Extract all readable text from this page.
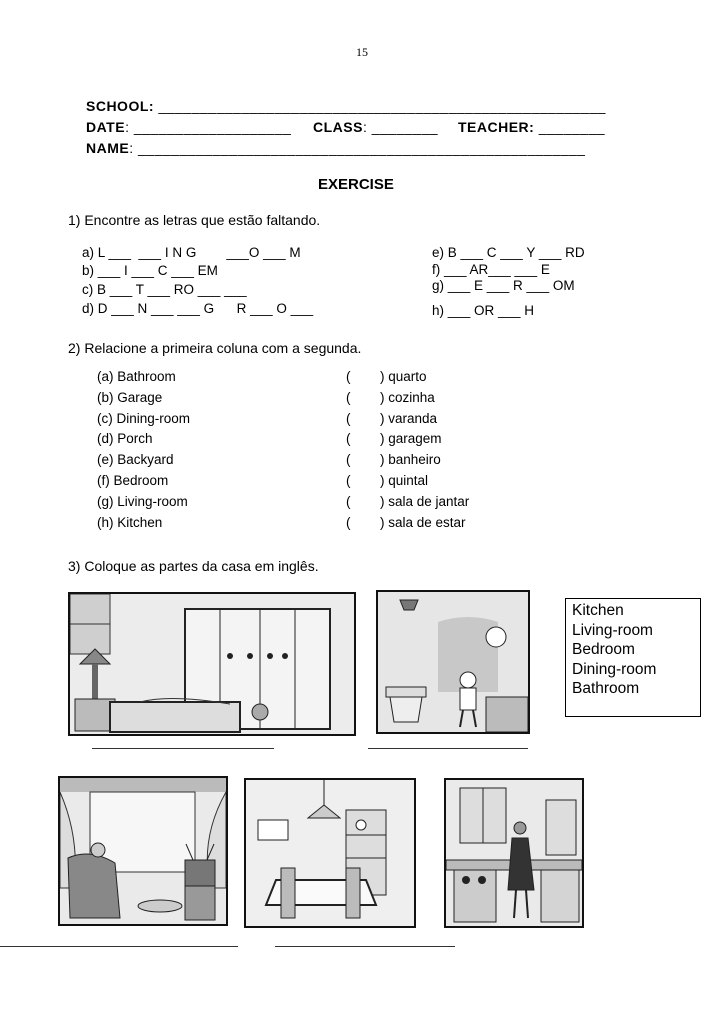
15
SCHOOL: ______________________________________________________
DATE: ___________________ CLASS: ________ TEACHER: ________
NAME: ______________________________________________________
EXERCISE
1) Encontre as letras que estão faltando.
a) L ___  ___ I N G        ___O ___ M
b) ___ I ___ C ___ EM
c) B ___ T ___ RO ___ ___
d) D ___ N ___ ___ G      R ___ O ___
e) B ___ C ___ Y ___ RD
f) ___ AR___ ___ E
g) ___ E ___ R ___ OM
h) ___ OR ___ H
2) Relacione a primeira coluna com a segunda.
(a) Bathroom	( ) quarto
(b) Garage	( ) cozinha
(c) Dining-room	( ) varanda
(d) Porch	( ) garagem
(e) Backyard	( ) banheiro
(f) Bedroom	( ) quintal
(g) Living-room	( ) sala de jantar
(h) Kitchen	( ) sala de estar
3) Coloque as partes da casa em inglês.
Kitchen
Living-room
Bedroom
Dining-room
Bathroom
